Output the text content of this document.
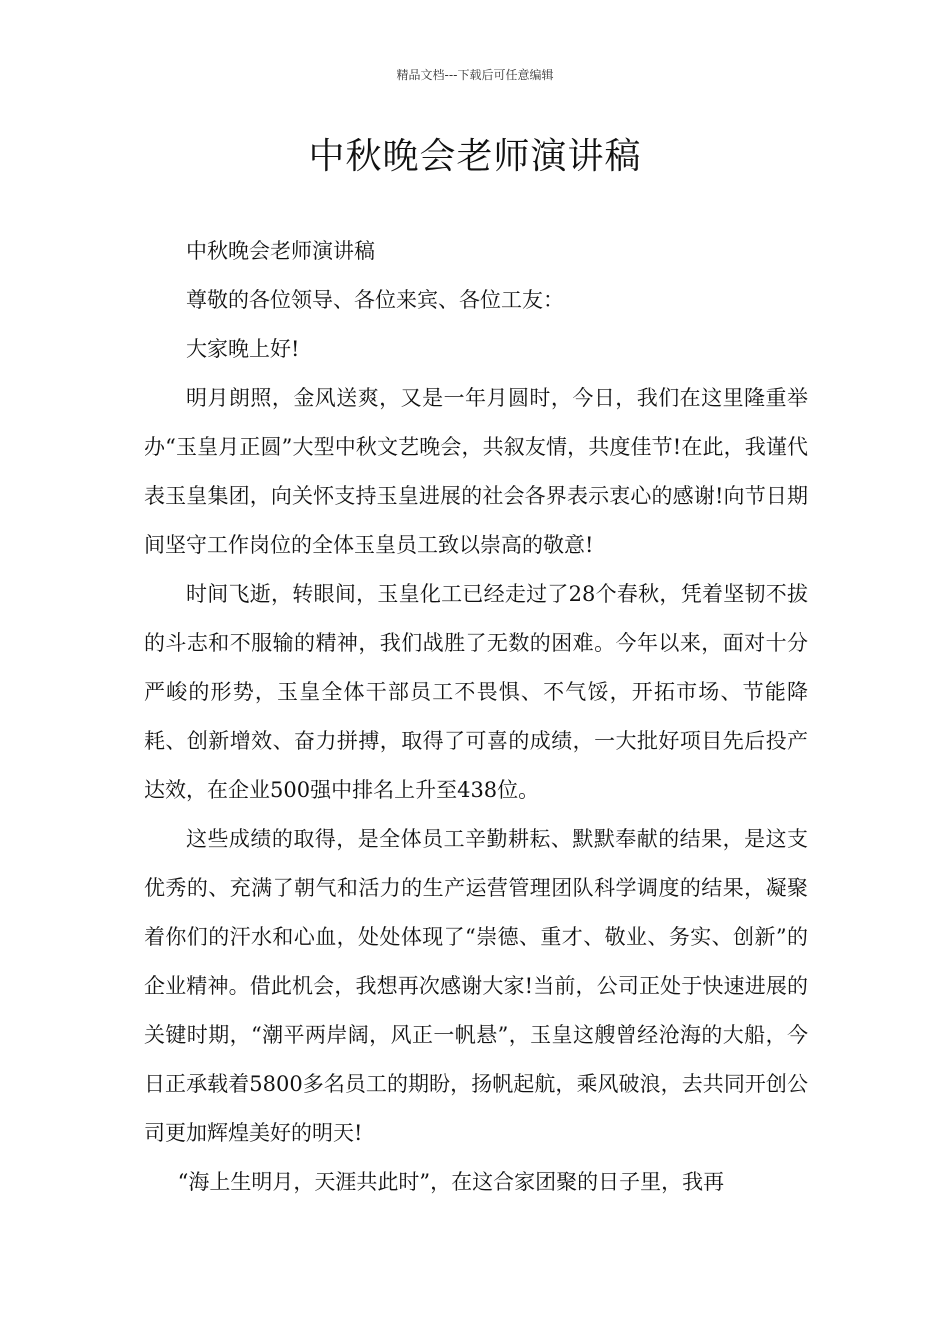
精品文档---下载后可任意编辑
中秋晚会老师演讲稿

中秋晚会老师演讲稿

尊敬的各位领导、各位来宾、各位工友：

大家晚上好!

明月朗照，金风送爽，又是一年月圆时，今日，我们在这里隆重举办“玉皇月正圆”大型中秋文艺晚会，共叙友情，共度佳节!在此，我谨代表玉皇集团，向关怀支持玉皇进展的社会各界表示衷心的感谢!向节日期间坚守工作岗位的全体玉皇员工致以崇高的敬意!

时间飞逝，转眼间，玉皇化工已经走过了28个春秋，凭着坚韧不拔的斗志和不服输的精神，我们战胜了无数的困难。今年以来，面对十分严峻的形势，玉皇全体干部员工不畏惧、不气馁，开拓市场、节能降耗、创新增效、奋力拼搏，取得了可喜的成绩，一大批好项目先后投产达效，在企业500强中排名上升至438位。

这些成绩的取得，是全体员工辛勤耕耘、默默奉献的结果，是这支优秀的、充满了朝气和活力的生产运营管理团队科学调度的结果，凝聚着你们的汗水和心血，处处体现了“崇德、重才、敬业、务实、创新”的企业精神。借此机会，我想再次感谢大家!当前，公司正处于快速进展的关键时期，“潮平两岸阔，风正一帆悬”，玉皇这艘曾经沧海的大船，今日正承载着5800多名员工的期盼，扬帆起航，乘风破浪，去共同开创公司更加辉煌美好的明天!

“海上生明月，天涯共此时”，在这合家团聚的日子里，我再
